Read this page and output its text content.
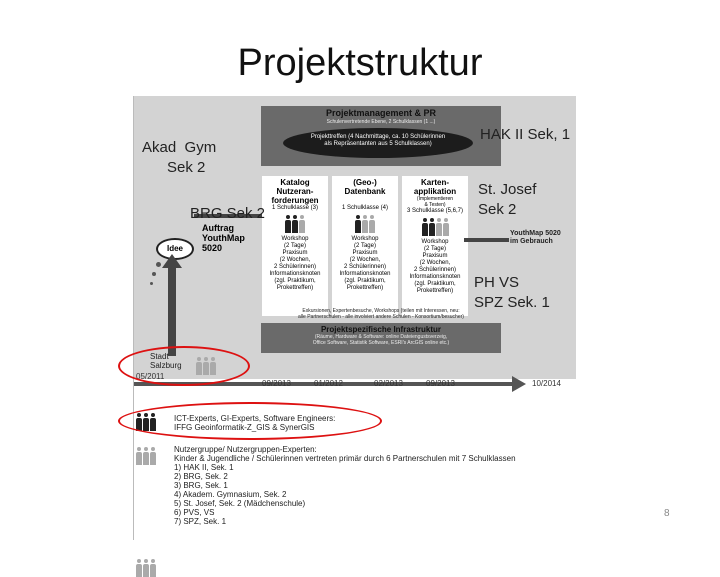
Projektstruktur
Projektmanagement & PR
Schulenvertretende Ebene, 2 Schulklassen (1 ...)
Projekttreffen (4 Nachmittage, ca. 10 Schülerinnen
als Repräsentanten aus 5 Schulklassen)
Katalog
Nutzeran-
forderungen
1 Schulklasse (3)
Workshop
(2 Tage)
Praxisum
(2 Wochen,
2 Schülerinnen)
Informationsknoten
(zgl. Praktikum,
Prokettreffen)
(Geo-)
Datenbank
1 Schulklasse (4)
Workshop
(2 Tage)
Praxisum
(2 Wochen,
2 Schülerinnen)
Informationsknoten
(zgl. Praktikum,
Prokettreffen)
Karten-
applikation
(Implementieren
& Testen)
3 Schulklasse (5,6,7)
Workshop
(2 Tage)
Praxisum
(2 Wochen,
2 Schülerinnen)
Informationsknoten
(zgl. Praktikum,
Prokettreffen)
Exkursionen, Expertenbesuche, Workshops (teilen mit Interessen, neu:
alle Partnerschulen - alle involviert andere Schulen - Konsortium/besucher)
Projektspezifische Infrastruktur
(Räume, Hardware & Software: online Dateiengustsverzeig,
Office Software, Statistik Software, ESRI's ArcGIS online etc.)
Idee
Auftrag
YouthMap
5020
YouthMap 5020
im Gebrauch
Stadt
Salzburg
05/2011
09/2013	01/2012	02/2013	09/2013	10/2014
ICT-Experts, GI-Experts, Software Engineers:
IFFG Geoinformatik-Z_GIS & SynerGIS
Nutzergruppe/ Nutzergruppen-Experten:
Kinder & Jugendliche / Schülerinnen vertreten primär durch 6 Partnerschulen mit 7 Schulklassen
1) HAK II, Sek. 1
2) BRG, Sek. 2
3) BRG, Sek. 1
4) Akadem. Gymnasium, Sek. 2
5) St. Josef, Sek. 2 (Mädchenschule)
6) PVS, VS
7) SPZ, Sek. 1
Akad  Gym
Sek 2
BRG Sek 2
HAK II Sek, 1
St. Josef
Sek 2
PH VS
SPZ Sek. 1
8
